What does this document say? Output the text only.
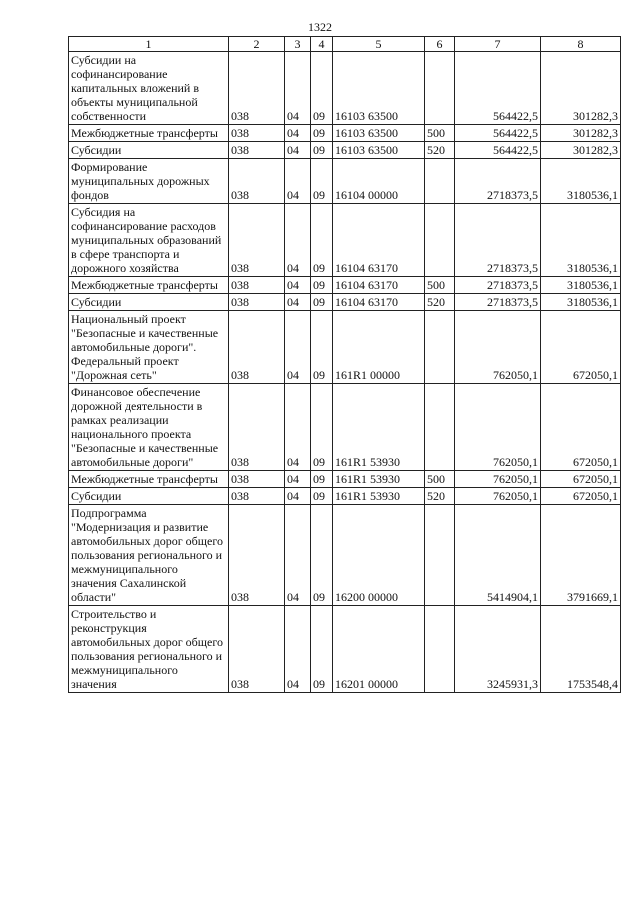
1322
1	2	3	4	5	6	7	8
Субсидии на софинансирование капитальных вложений в объекты муниципальной собственности	038	04	09	16103 63500		564422,5	301282,3
Межбюджетные трансферты	038	04	09	16103 63500	500	564422,5	301282,3
Субсидии	038	04	09	16103 63500	520	564422,5	301282,3
Формирование муниципальных дорожных фондов	038	04	09	16104 00000		2718373,5	3180536,1
Субсидия на софинансирование расходов муниципальных образований в сфере транспорта и дорожного хозяйства	038	04	09	16104 63170		2718373,5	3180536,1
Межбюджетные трансферты	038	04	09	16104 63170	500	2718373,5	3180536,1
Субсидии	038	04	09	16104 63170	520	2718373,5	3180536,1
Национальный проект "Безопасные и качественные автомобильные дороги". Федеральный проект "Дорожная сеть"	038	04	09	161R1 00000		762050,1	672050,1
Финансовое обеспечение дорожной деятельности в рамках реализации национального проекта "Безопасные и качественные автомобильные дороги"	038	04	09	161R1 53930		762050,1	672050,1
Межбюджетные трансферты	038	04	09	161R1 53930	500	762050,1	672050,1
Субсидии	038	04	09	161R1 53930	520	762050,1	672050,1
Подпрограмма "Модернизация и развитие автомобильных дорог общего пользования регионального и межмуниципального значения Сахалинской области"	038	04	09	16200 00000		5414904,1	3791669,1
Строительство и реконструкция автомобильных дорог общего пользования регионального и межмуниципального значения	038	04	09	16201 00000		3245931,3	1753548,4
